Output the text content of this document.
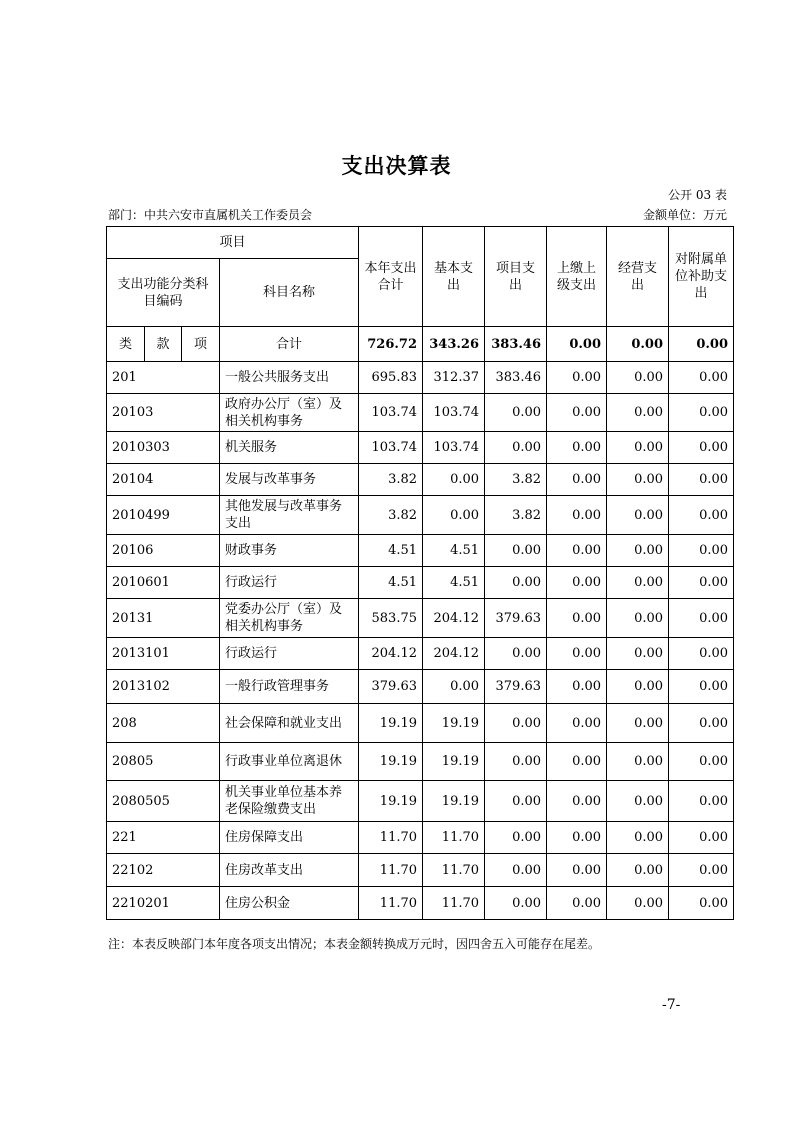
支出决算表
公开 03 表
部门：中共六安市直属机关工作委员会	金额单位：万元
项目				本年支出合计	基本支出	项目支出	上缴上级支出	经营支出	对附属单位补助支出
支出功能分类科目编码			科目名称						
类	款	项	合计	726.72	343.26	383.46	0.00	0.00	0.00
201			一般公共服务支出	695.83	312.37	383.46	0.00	0.00	0.00
20103			政府办公厅（室）及相关机构事务	103.74	103.74	0.00	0.00	0.00	0.00
2010303			机关服务	103.74	103.74	0.00	0.00	0.00	0.00
20104			发展与改革事务	3.82	0.00	3.82	0.00	0.00	0.00
2010499			其他发展与改革事务支出	3.82	0.00	3.82	0.00	0.00	0.00
20106			财政事务	4.51	4.51	0.00	0.00	0.00	0.00
2010601			行政运行	4.51	4.51	0.00	0.00	0.00	0.00
20131			党委办公厅（室）及相关机构事务	583.75	204.12	379.63	0.00	0.00	0.00
2013101			行政运行	204.12	204.12	0.00	0.00	0.00	0.00
2013102			一般行政管理事务	379.63	0.00	379.63	0.00	0.00	0.00
208			社会保障和就业支出	19.19	19.19	0.00	0.00	0.00	0.00
20805			行政事业单位离退休	19.19	19.19	0.00	0.00	0.00	0.00
2080505			机关事业单位基本养老保险缴费支出	19.19	19.19	0.00	0.00	0.00	0.00
221			住房保障支出	11.70	11.70	0.00	0.00	0.00	0.00
22102			住房改革支出	11.70	11.70	0.00	0.00	0.00	0.00
2210201			住房公积金	11.70	11.70	0.00	0.00	0.00	0.00
注：本表反映部门本年度各项支出情况；本表金额转换成万元时，因四舍五入可能存在尾差。
-7-
